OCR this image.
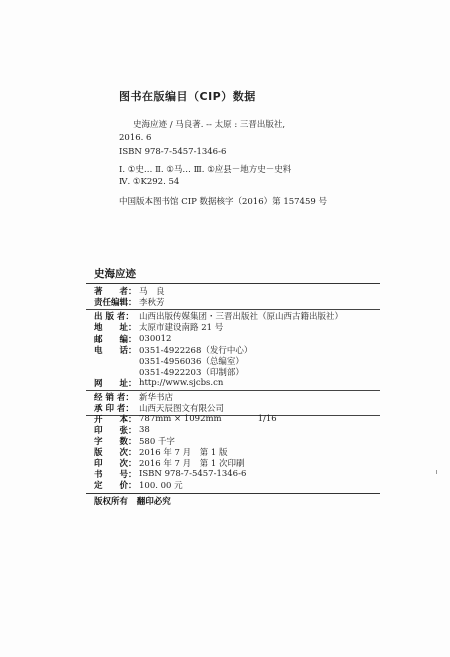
图书在版编目（CIP）数据
史海应迹 / 马良著. -- 太原 : 三晋出版社,
2016. 6
ISBN 978-7-5457-1346-6
Ⅰ. ①史… Ⅱ. ①马… Ⅲ. ①应县－地方史－史料
Ⅳ. ①K292. 54
中国版本图书馆 CIP 数据核字（2016）第 157459 号
史海应迹
著　　者： 马　良
责任编辑： 李秋芳
出 版 者： 山西出版传媒集团・三晋出版社（原山西古籍出版社）
地　　址： 太原市建设南路 21 号
邮　　编： 030012
电　　话： 0351-4922268（发行中心）
0351-4956036（总编室）
0351-4922203（印制部）
网　　址： http://www.sjcbs.cn
经 销 者： 新华书店
承 印 者： 山西天辰图文有限公司
开　　本： 787mm × 1092mm	1/16
印　　张： 38
字　　数： 580 千字
版　　次： 2016 年 7 月　第 1 版
印　　次： 2016 年 7 月　第 1 次印刷
书　　号： ISBN 978-7-5457-1346-6
定　　价： 100. 00 元
版权所有 翻印必究
